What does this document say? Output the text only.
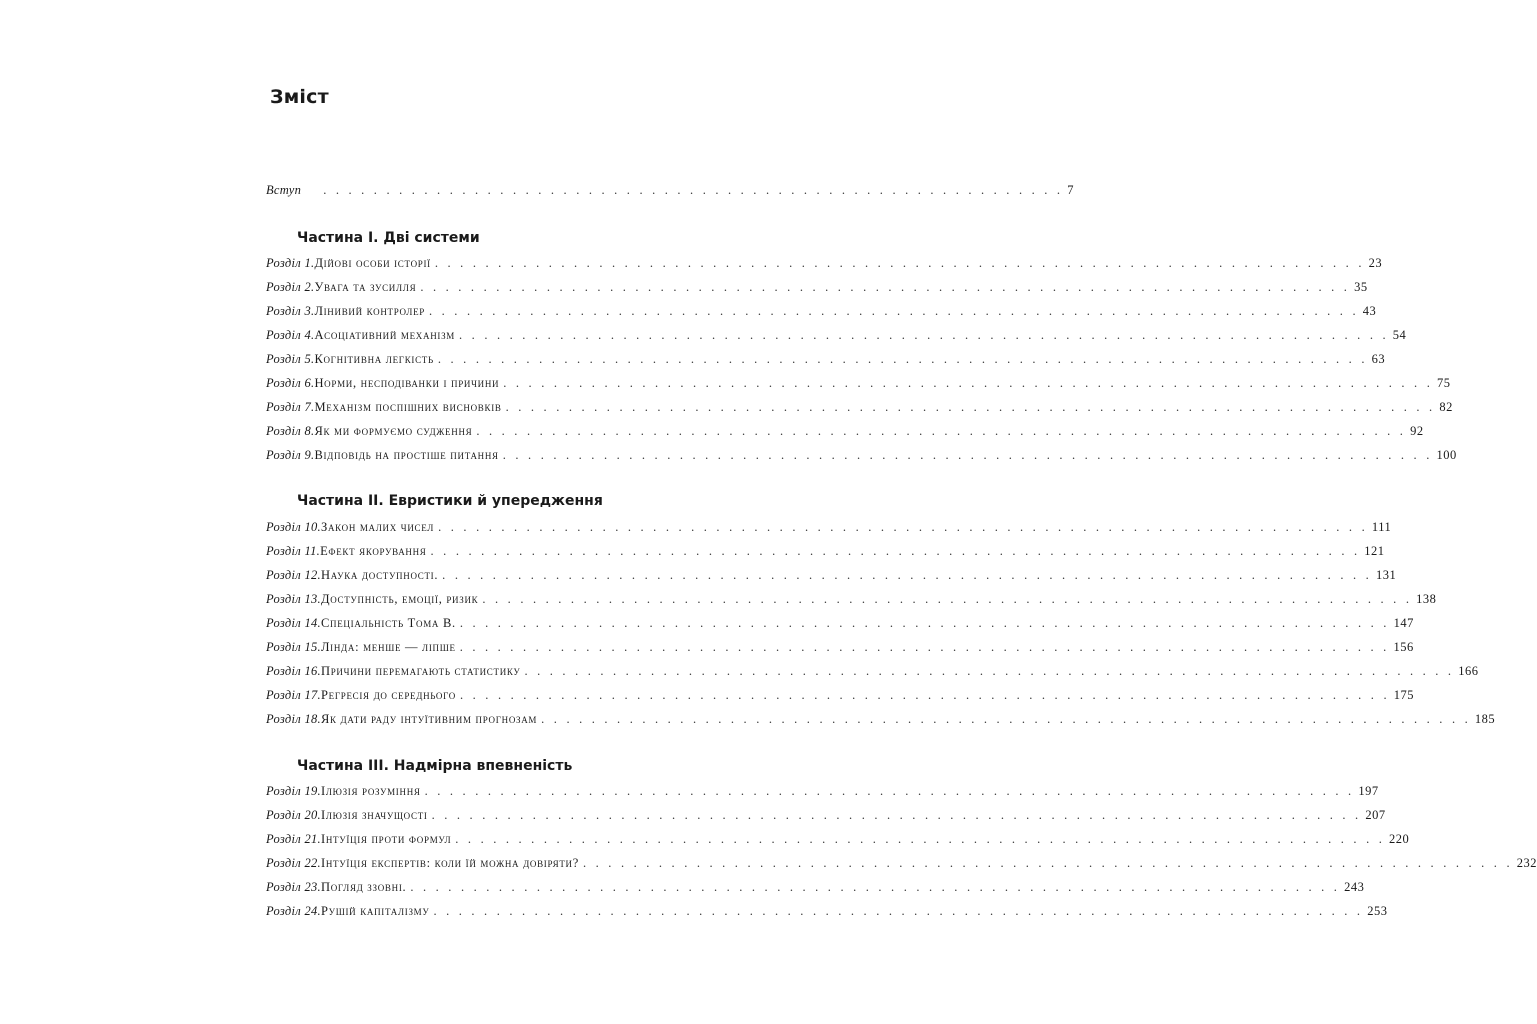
Зміст
Вступ . . . . . . . . . . . . . . . . . . . . . . . . . . . . . . . . . . . . . . . . . . . . . . . . . . . . . . . . . . . 7
Частина І. Дві системи
Розділ 1. Дійові особи історії . . . . . . . . . . . . . . . . . . . . . . . . . . . . . . . . . . . . . . . . . . . . . . . . . . . . . . . . . . . . . . . . . . . . . . . . . . 23
Розділ 2. Увага та зусилля . . . . . . . . . . . . . . . . . . . . . . . . . . . . . . . . . . . . . . . . . . . . . . . . . . . . . . . . . . . . . . . . . . . . . . . . . . 35
Розділ 3. Лінивий контролер . . . . . . . . . . . . . . . . . . . . . . . . . . . . . . . . . . . . . . . . . . . . . . . . . . . . . . . . . . . . . . . . . . . . . . . . . . 43
Розділ 4. Асоціативний механізм . . . . . . . . . . . . . . . . . . . . . . . . . . . . . . . . . . . . . . . . . . . . . . . . . . . . . . . . . . . . . . . . . . . . . . . . . . 54
Розділ 5. Когнітивна легкість . . . . . . . . . . . . . . . . . . . . . . . . . . . . . . . . . . . . . . . . . . . . . . . . . . . . . . . . . . . . . . . . . . . . . . . . . . 63
Розділ 6. Норми, несподіванки і причини . . . . . . . . . . . . . . . . . . . . . . . . . . . . . . . . . . . . . . . . . . . . . . . . . . . . . . . . . . . . . . . . . . . . . . . . . . 75
Розділ 7. Механізм поспішних висновків . . . . . . . . . . . . . . . . . . . . . . . . . . . . . . . . . . . . . . . . . . . . . . . . . . . . . . . . . . . . . . . . . . . . . . . . . . 82
Розділ 8. Як ми формуємо судження . . . . . . . . . . . . . . . . . . . . . . . . . . . . . . . . . . . . . . . . . . . . . . . . . . . . . . . . . . . . . . . . . . . . . . . . . . 92
Розділ 9. Відповідь на простіше питання . . . . . . . . . . . . . . . . . . . . . . . . . . . . . . . . . . . . . . . . . . . . . . . . . . . . . . . . . . . . . . . . . . . . . . . . . . 100
Частина ІІ. Евристики й упередження
Розділ 10. Закон малих чисел . . . . . . . . . . . . . . . . . . . . . . . . . . . . . . . . . . . . . . . . . . . . . . . . . . . . . . . . . . . . . . . . . . . . . . . . . . 111
Розділ 11. Ефект якорування . . . . . . . . . . . . . . . . . . . . . . . . . . . . . . . . . . . . . . . . . . . . . . . . . . . . . . . . . . . . . . . . . . . . . . . . . . 121
Розділ 12. Наука доступності. . . . . . . . . . . . . . . . . . . . . . . . . . . . . . . . . . . . . . . . . . . . . . . . . . . . . . . . . . . . . . . . . . . . . . . . . . . 131
Розділ 13. Доступність, емоції, ризик . . . . . . . . . . . . . . . . . . . . . . . . . . . . . . . . . . . . . . . . . . . . . . . . . . . . . . . . . . . . . . . . . . . . . . . . . . 138
Розділ 14. Спеціальність Тома В. . . . . . . . . . . . . . . . . . . . . . . . . . . . . . . . . . . . . . . . . . . . . . . . . . . . . . . . . . . . . . . . . . . . . . . . . . . 147
Розділ 15. Лінда: менше — ліпше . . . . . . . . . . . . . . . . . . . . . . . . . . . . . . . . . . . . . . . . . . . . . . . . . . . . . . . . . . . . . . . . . . . . . . . . . . 156
Розділ 16. Причини перемагають статистику . . . . . . . . . . . . . . . . . . . . . . . . . . . . . . . . . . . . . . . . . . . . . . . . . . . . . . . . . . . . . . . . . . . . . . . . . . 166
Розділ 17. Регресія до середнього . . . . . . . . . . . . . . . . . . . . . . . . . . . . . . . . . . . . . . . . . . . . . . . . . . . . . . . . . . . . . . . . . . . . . . . . . . 175
Розділ 18. Як дати раду інтуїтивним прогнозам . . . . . . . . . . . . . . . . . . . . . . . . . . . . . . . . . . . . . . . . . . . . . . . . . . . . . . . . . . . . . . . . . . . . . . . . . . 185
Частина ІІІ. Надмірна впевненість
Розділ 19. Ілюзія розуміння . . . . . . . . . . . . . . . . . . . . . . . . . . . . . . . . . . . . . . . . . . . . . . . . . . . . . . . . . . . . . . . . . . . . . . . . . . 197
Розділ 20. Ілюзія значущості . . . . . . . . . . . . . . . . . . . . . . . . . . . . . . . . . . . . . . . . . . . . . . . . . . . . . . . . . . . . . . . . . . . . . . . . . . 207
Розділ 21. Інтуїція проти формул . . . . . . . . . . . . . . . . . . . . . . . . . . . . . . . . . . . . . . . . . . . . . . . . . . . . . . . . . . . . . . . . . . . . . . . . . . 220
Розділ 22. Інтуїція експертів: коли їй можна довіряти? . . . . . . . . . . . . . . . . . . . . . . . . . . . . . . . . . . . . . . . . . . . . . . . . . . . . . . . . . . . . . . . . . . . . . . . . . . 232
Розділ 23. Погляд ззовні. . . . . . . . . . . . . . . . . . . . . . . . . . . . . . . . . . . . . . . . . . . . . . . . . . . . . . . . . . . . . . . . . . . . . . . . . . . 243
Розділ 24. Рушій капіталізму . . . . . . . . . . . . . . . . . . . . . . . . . . . . . . . . . . . . . . . . . . . . . . . . . . . . . . . . . . . . . . . . . . . . . . . . . . 253
